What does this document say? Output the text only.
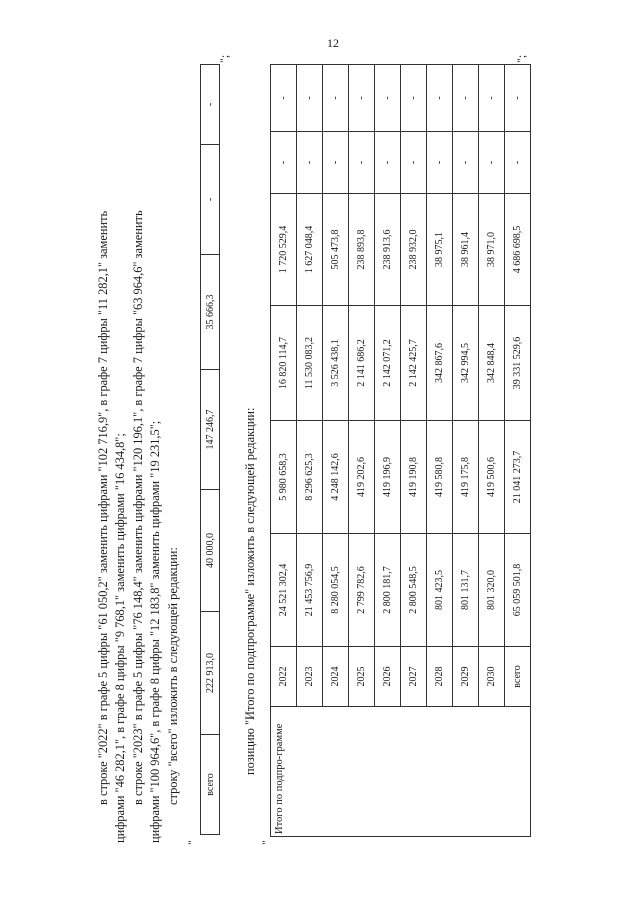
12
в строке "2022" в графе 5 цифры "61 050,2" заменить цифрами "102 716,9", в графе 7 цифры "11 282,1" заменить цифрами "46 282,1", в графе 8 цифры "9 768,1" заменить цифрами "16 434,8"; в строке "2023" в графе 5 цифры "76 148,4" заменить цифрами "120 196,1", в графе 7 цифры "63 964,6" заменить цифрами "100 964,6", в графе 8 цифры "12 183,8" заменить цифрами "19 231,5"; строку "всего" изложить в следующей редакции:
"
всего	222 913,0	40 000,0	147 246,7	35 666,3	-	-
";
позицию "Итого по подпрограмме" изложить в следующей редакции:
"
Итого по подпро-грамме	2022	24 521 302,4	5 980 658,3	16 820 114,7	1 720 529,4	-	-
	2023	21 453 756,9	8 296 625,3	11 530 083,2	1 627 048,4	-	-
	2024	8 280 054,5	4 248 142,6	3 526 438,1	505 473,8	-	-
	2025	2 799 782,6	419 202,6	2 141 686,2	238 893,8	-	-
	2026	2 800 181,7	419 196,9	2 142 071,2	238 913,6	-	-
	2027	2 800 548,5	419 190,8	2 142 425,7	238 932,0	-	-
	2028	801 423,5	419 580,8	342 867,6	38 975,1	-	-
	2029	801 131,7	419 175,8	342 994,5	38 961,4	-	-
	2030	801 320,0	419 500,6	342 848,4	38 971,0	-	-
	всего	65 059 501,8	21 041 273,7	39 331 529,6	4 686 698,5	-	-
";
